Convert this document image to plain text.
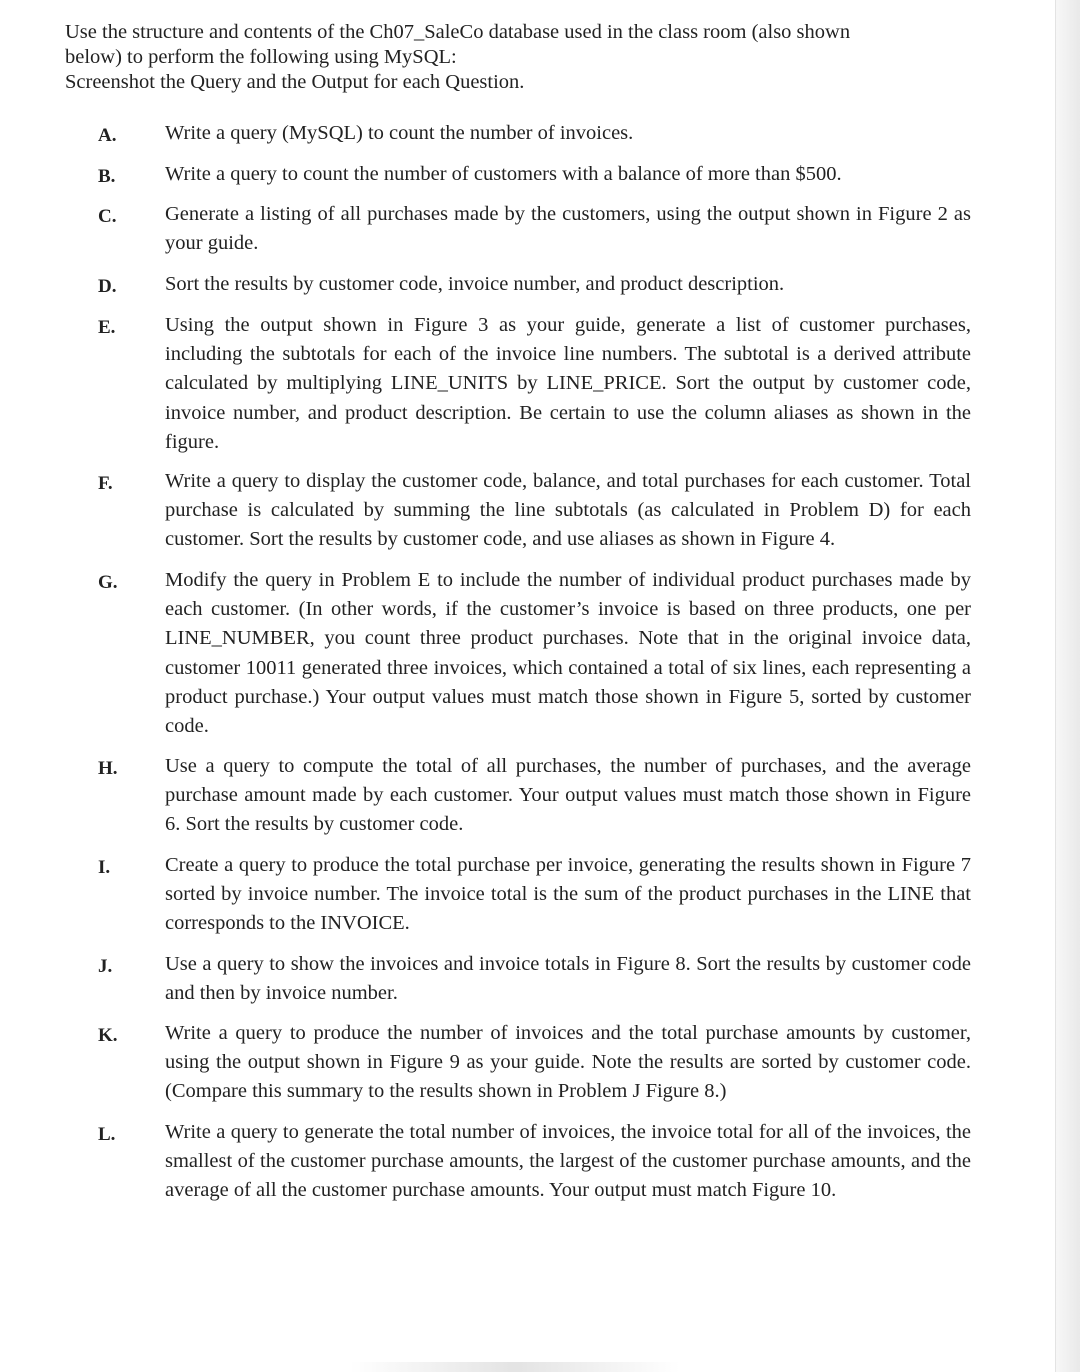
Use the structure and contents of the Ch07_SaleCo database used in the class room (also shown

below) to perform the following using MySQL:

Screenshot the Query and the Output for each Question.

A. Write a query (MySQL) to count the number of invoices.
B. Write a query to count the number of customers with a balance of more than $500.
C. Generate a listing of all purchases made by the customers, using the output shown in Figure 2 as your guide.
D. Sort the results by customer code, invoice number, and product description.
E. Using the output shown in Figure 3 as your guide, generate a list of customer purchases, including the subtotals for each of the invoice line numbers. The subtotal is a derived attribute calculated by multiplying LINE_UNITS by LINE_PRICE. Sort the output by customer code, invoice number, and product description. Be certain to use the column aliases as shown in the figure.
F.	Write a query to display the customer code, balance, and total purchases for each customer. Total purchase is calculated by summing the line subtotals (as calculated in Problem D) for each customer. Sort the results by customer code, and use aliases as shown in Figure 4.
G. Modify the query in Problem E to include the number of individual product purchases made by each customer. (In other words, if the customer’s invoice is based on three products, one per LINE_NUMBER, you count three product purchases. Note that in the original invoice data, customer 10011 generated three invoices, which contained a total of six lines, each representing a product purchase.) Your output values must match those shown in Figure 5, sorted by customer code.
H. Use a query to compute the total of all purchases, the number of purchases, and the average purchase amount made by each customer. Your output values must match those shown in Figure 6. Sort the results by customer code.
I.	Create a query to produce the total purchase per invoice, generating the results shown in Figure 7 sorted by invoice number. The invoice total is the sum of the product purchases in the LINE that corresponds to the INVOICE.
J.	Use a query to show the invoices and invoice totals in Figure 8. Sort the results by customer code and then by invoice number.
K. Write a query to produce the number of invoices and the total purchase amounts by customer, using the output shown in Figure 9 as your guide. Note the results are sorted by customer code. (Compare this summary to the results shown in Problem J Figure 8.)
L. Write a query to generate the total number of invoices, the invoice total for all of the invoices, the smallest of the customer purchase amounts, the largest of the customer purchase amounts, and the average of all the customer purchase amounts. Your output must match Figure 10.
